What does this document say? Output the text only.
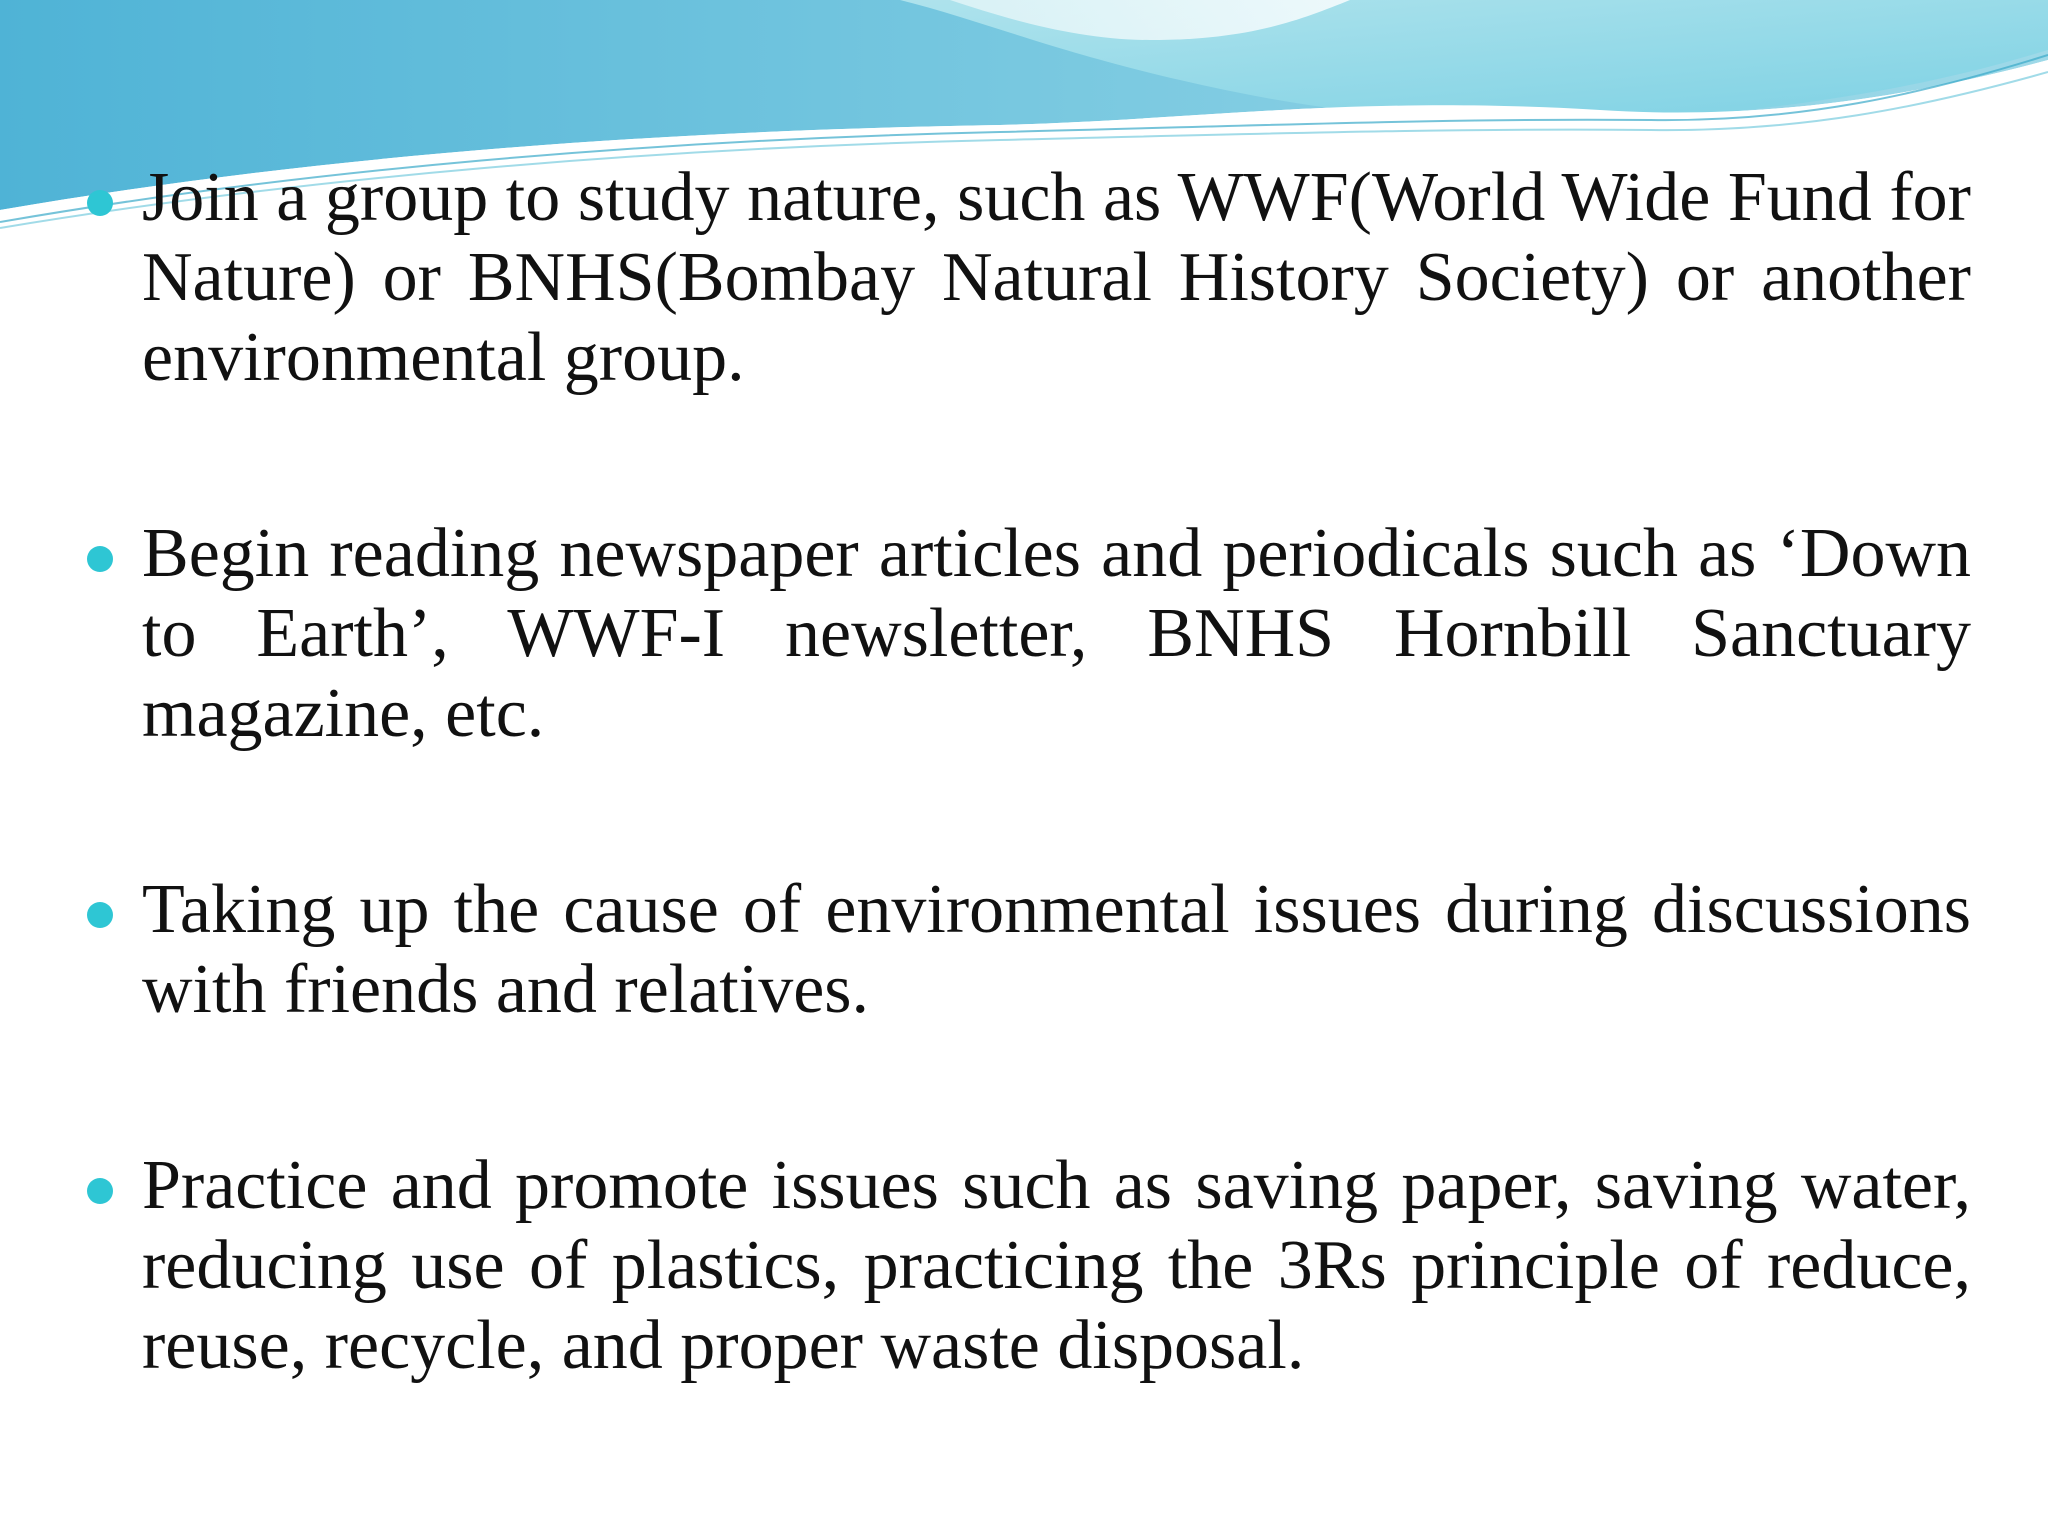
Join a group to study nature, such as WWF(World Wide Fund for Nature) or BNHS(Bombay Natural History Society) or another environmental group.

Begin reading newspaper articles and periodicals such as ‘Down to Earth’, WWF-I newsletter, BNHS Hornbill Sanctuary magazine, etc.

Taking up the cause of environmental issues during discussions with friends and relatives.

Practice and promote issues such as saving paper, saving water, reducing use of plastics, practicing the 3Rs principle of reduce, reuse, recycle, and proper waste disposal.
